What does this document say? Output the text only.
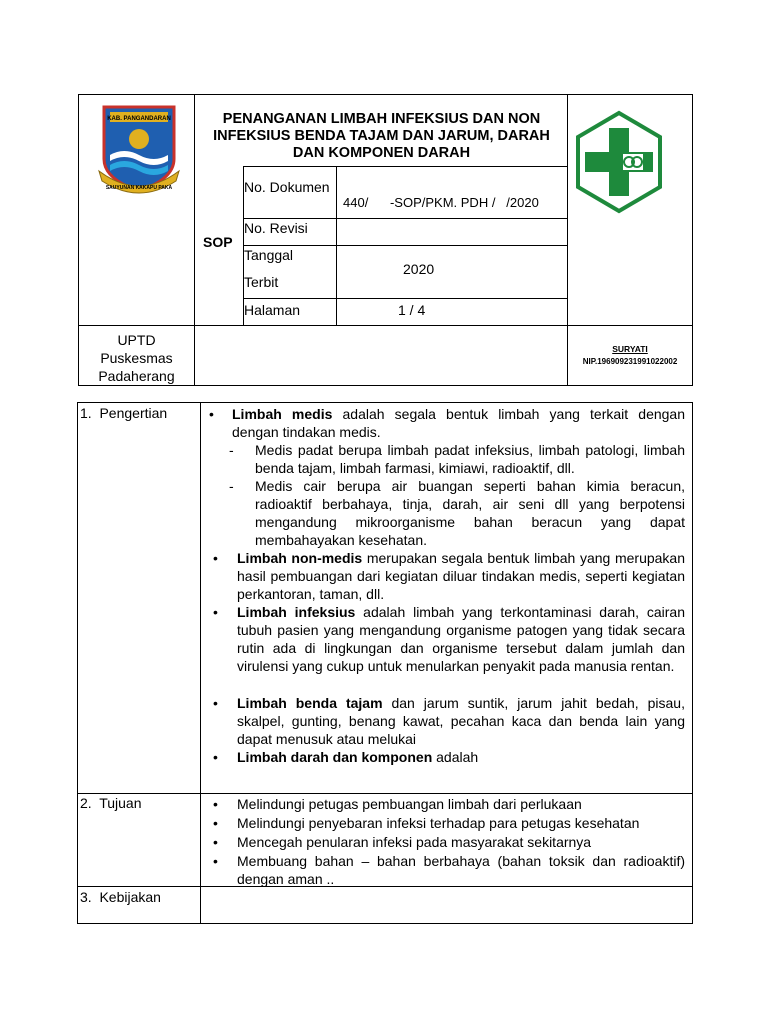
KAB. PANGANDARAN
SAUYUNAN KAKAPU PAKA
PENANGANAN LIMBAH INFEKSIUS DAN NON INFEKSIUS BENDA TAJAM DAN JARUM, DARAH DAN KOMPONEN DARAH
SOP
No. Dokumen
No. Revisi
Tanggal
Terbit
Halaman
440/      -SOP/PKM. PDH /   /2020
2020
1 / 4
UPTD
Puskesmas
Padaherang
SURYATI
NIP.196909231991022002
1.  Pengertian
2.  Tujuan
3.  Kebijakan
• Limbah medis adalah segala bentuk limbah yang terkait dengan dengan tindakan medis.
- Medis padat berupa limbah padat infeksius, limbah patologi, limbah benda tajam, limbah farmasi, kimiawi, radioaktif, dll.
- Medis cair berupa air buangan seperti bahan kimia beracun, radioaktif berbahaya, tinja, darah, air seni dll yang berpotensi mengandung mikroorganisme bahan beracun yang dapat membahayakan kesehatan.
• Limbah non-medis merupakan segala bentuk limbah yang merupakan hasil pembuangan dari kegiatan diluar tindakan medis, seperti kegiatan perkantoran, taman, dll.
• Limbah infeksius adalah limbah yang terkontaminasi darah, cairan tubuh pasien yang mengandung organisme patogen yang tidak secara rutin ada di lingkungan dan organisme tersebut dalam jumlah dan virulensi yang cukup untuk menularkan penyakit pada manusia rentan.
• Limbah benda tajam dan jarum suntik, jarum jahit bedah, pisau, skalpel, gunting, benang kawat, pecahan kaca dan benda lain yang dapat menusuk atau melukai
• Limbah darah dan komponen adalah
• Melindungi petugas pembuangan limbah dari perlukaan
• Melindungi penyebaran infeksi terhadap para petugas kesehatan
• Mencegah penularan infeksi pada masyarakat sekitarnya
• Membuang bahan – bahan berbahaya (bahan toksik dan radioaktif) dengan aman ..
